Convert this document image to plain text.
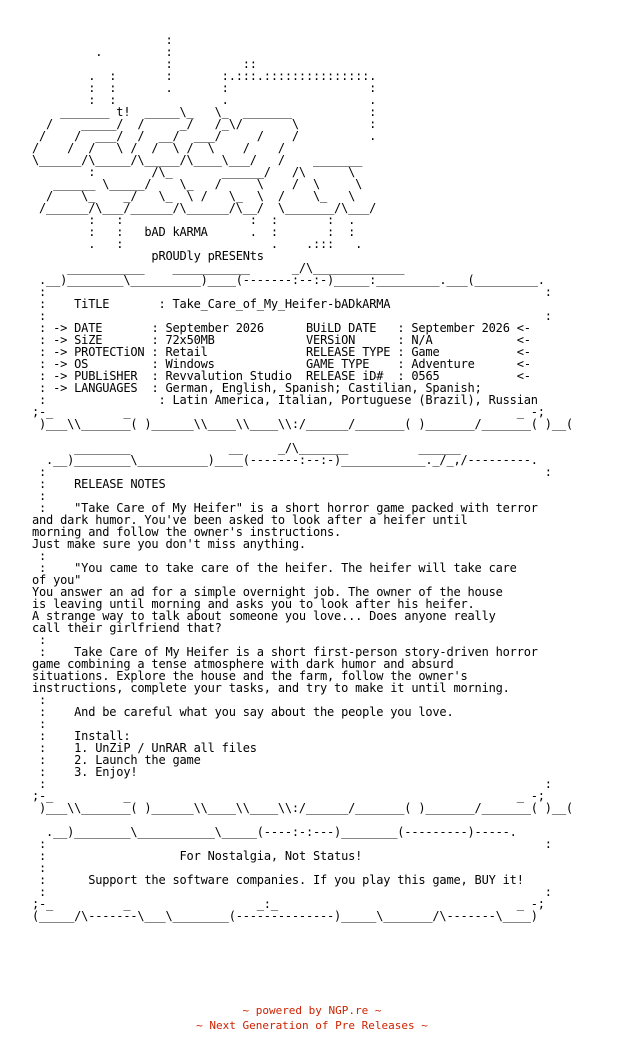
:
.         :
:          ::
.  :       :       :.:::.:::::::::::::::.
:  :       .       :                    :
:  :               .                    .
_______ t!  _____\_   \_  _______           :
/    _____/  /     _/   /_\/       \          :
/    /  ___/  /  __/  ___/     /    /          .
/    /  /   \ /  /  \ /  \    /    /
\______/\_____/\_____/\____\___/   /    _______
:        /\_       ______/   /\      \
______ \_____/    \_   /     \    /  \     \
/    \_    _/   \_  \ /   \_  \  /    \_   \
/______/\___/______/\______/\__/  \_______/\___/
:   :                  :  :       :  .
:   :   bAD kARMA      .  :       :  :
.   :                     .    .:::   .
pROUDly pRESENts
___________    ___________      _/\_____________
.__)________\__________)____(-------:--:-)_____:_________.___(_________.
:                                                                       :
:    TiTLE       : Take_Care_of_My_Heifer-bADkARMA
:                                                                       :
: -> DATE       : September 2026	BUiLD DATE   : September 2026 <-
: -> SiZE       : 72x50MB	VERSiON      : N/A	<-
: -> PROTECTiON : Retail	RELEASE TYPE : Game	<-
: -> OS         : Windows	GAME TYPE    : Adventure	<-
: -> PUBLiSHER  : Revvalution Studio RELEASE iD#  : 0565	<-
: -> LANGUAGES  : German, English, Spanish; Castilian, Spanish;
:                : Latin America, Italian, Portuguese (Brazil), Russian
;-_          _                                                       _ -;
)___\\_______( )______\\____\\____\\:/______/_______( )_______/_______( )__(

________              __     _/\_______          ______
.__)________\__________)____(-------:--:-)____________._/_,/---------.
:                                                                       :
:    RELEASE NOTES
:
:    "Take Care of My Heifer" is a short horror game packed with terror
and dark humor. You've been asked to look after a heifer until
morning and follow the owner's instructions.
Just make sure you don't miss anything.
:
:    "You came to take care of the heifer. The heifer will take care
of you"
You answer an ad for a simple overnight job. The owner of the house
is leaving until morning and asks you to look after his heifer.
A strange way to talk about someone you love... Does anyone really
call their girlfriend that?
:
:    Take Care of My Heifer is a short first-person story-driven horror
game combining a tense atmosphere with dark humor and absurd
situations. Explore the house and the farm, follow the owner's
instructions, complete your tasks, and try to make it until morning.
:
:    And be careful what you say about the people you love.
:
:    Install:
:    1. UnZiP / UnRAR all files
:    2. Launch the game
:    3. Enjoy!
:                                                                       :
;-_          _                                                       _ -;
)___\\_______( )______\\____\\____\\:/______/_______( )_______/_______( )__(

.__)________\___________\_____(----:-:---)________(---------)-----.
:                                                                       :
:	For Nostalgia, Not Status!
:
:	Support the software companies. If you play this game, BUY it!
:                                                                       :
;-_          _                  _:_                                  _ -;
(_____/\-------\___\________(--------------)_____\_______/\-------\____)
~ powered by NGP.re ~
~ Next Generation of Pre Releases ~
